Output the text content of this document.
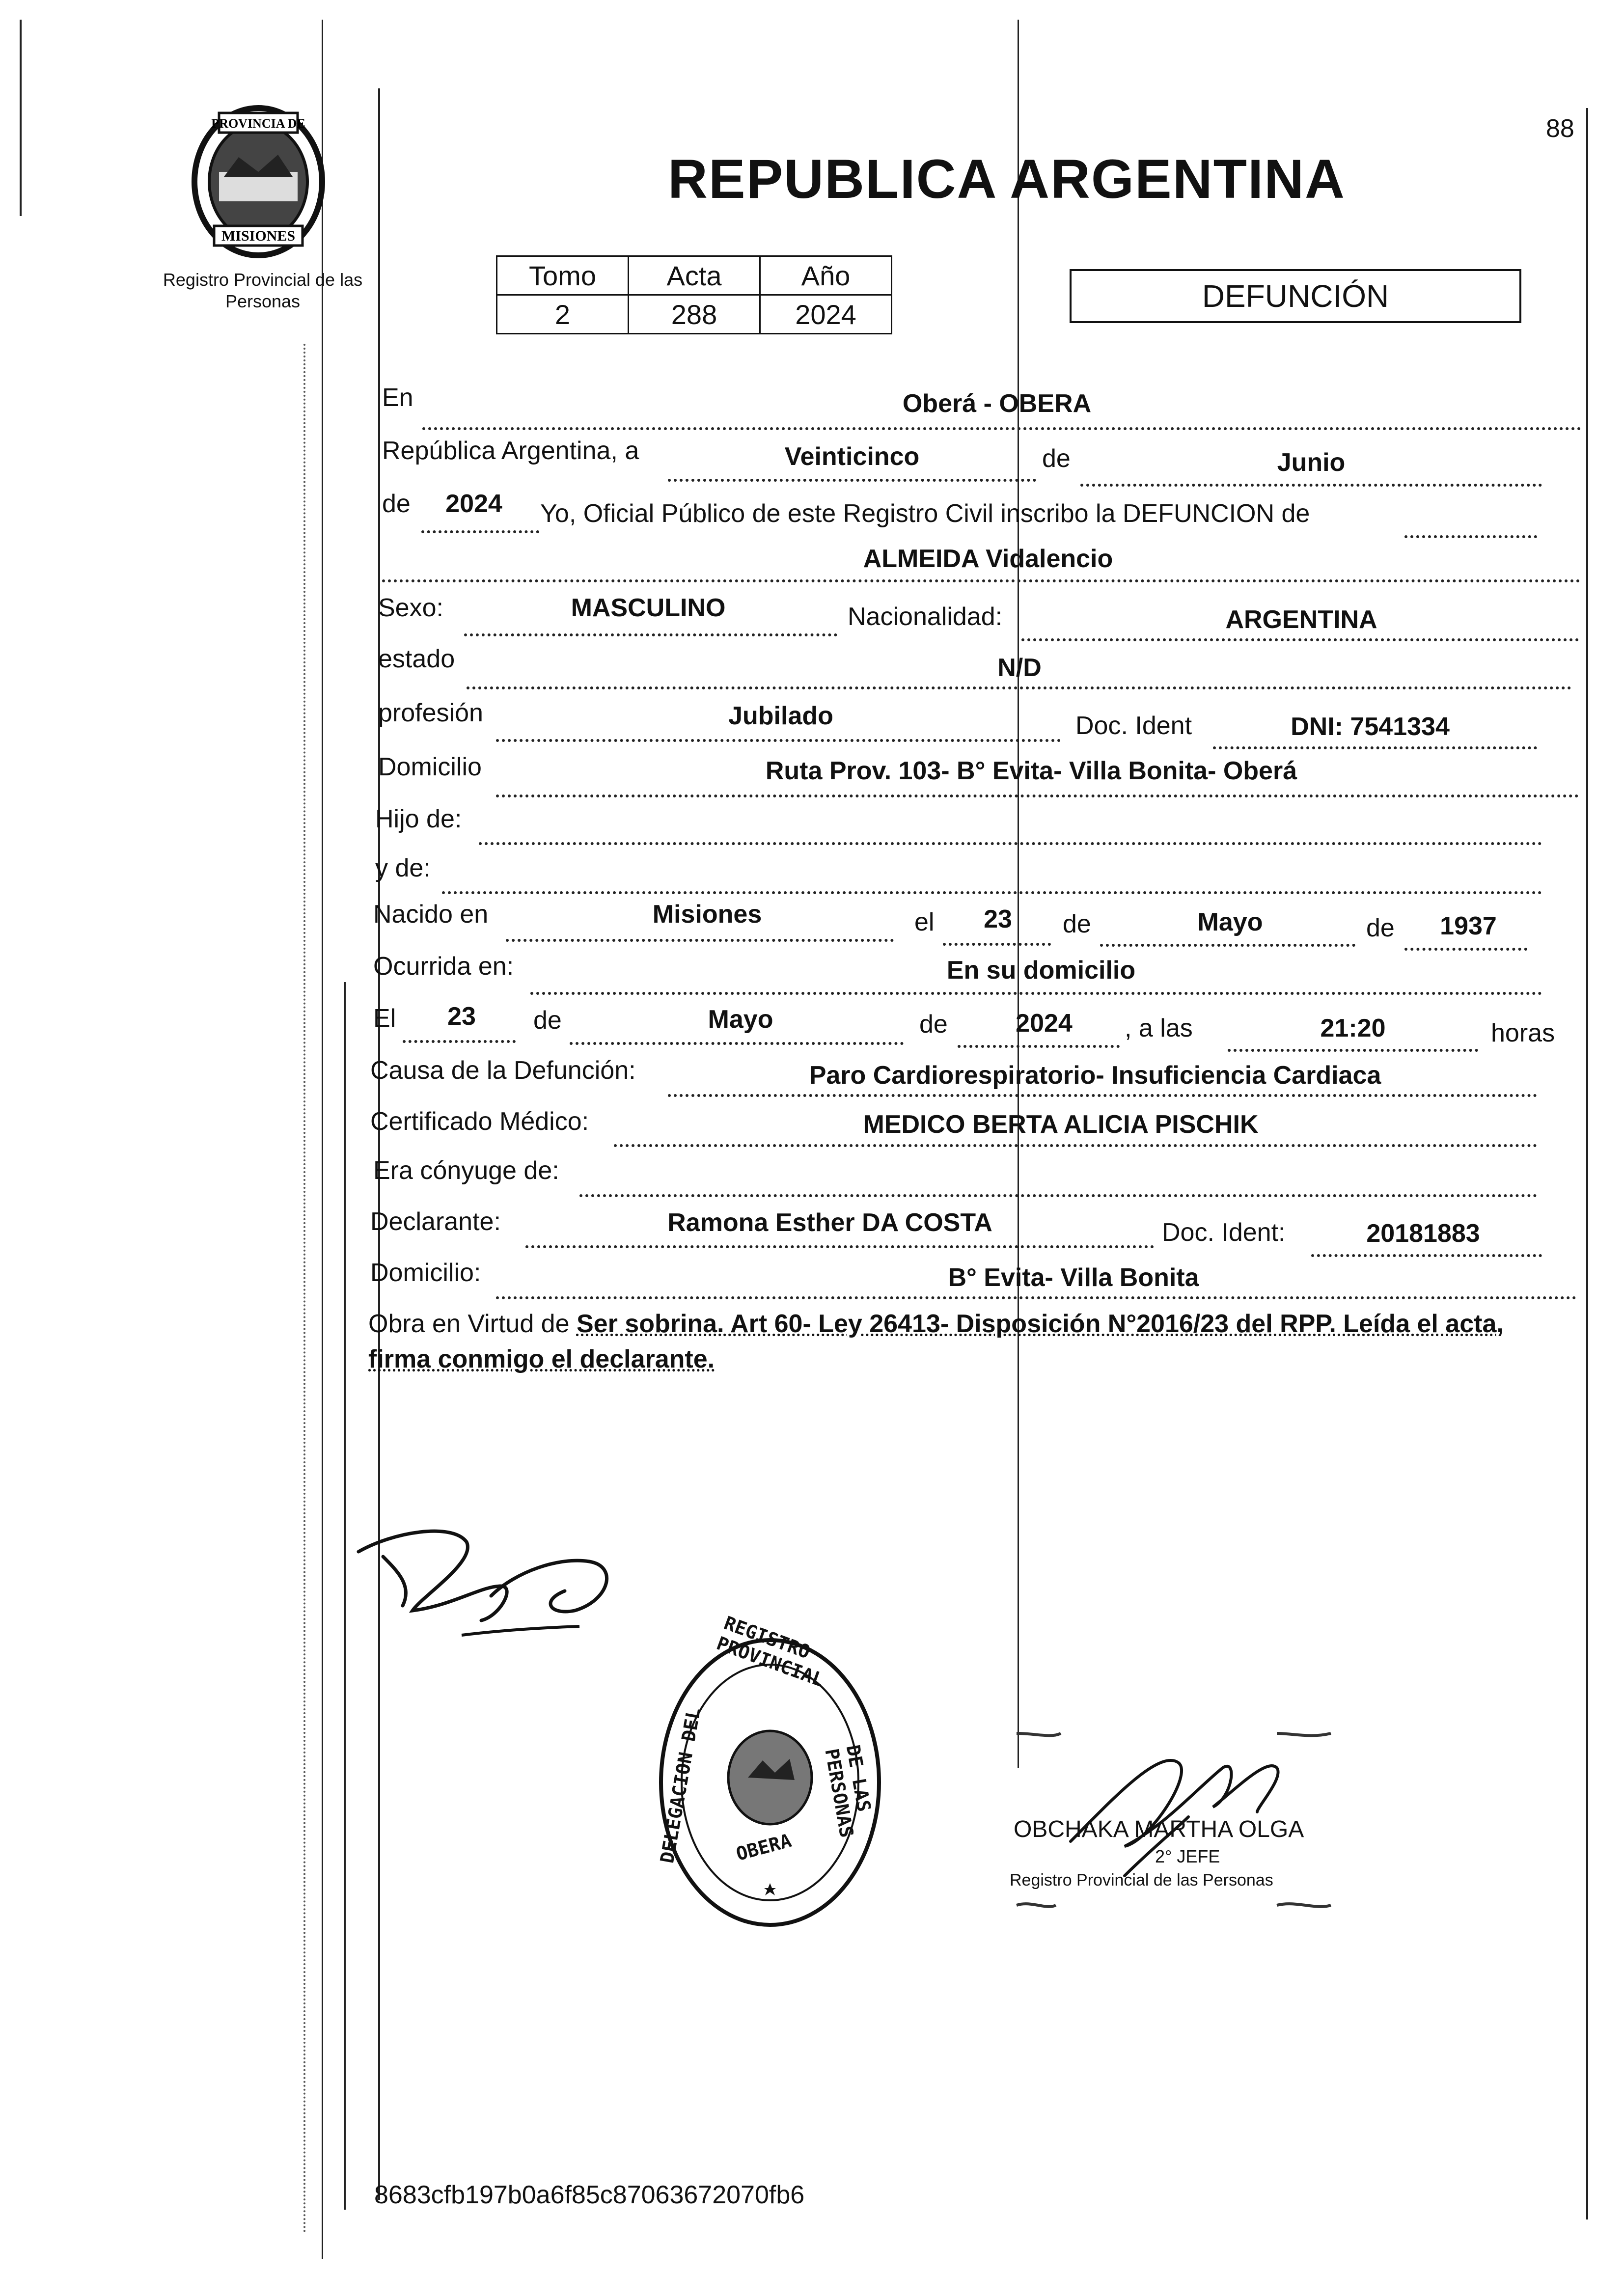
88
PROVINCIA DE
MISIONES
Registro Provincial de las Personas
REPUBLICA ARGENTINA
Tomo	Acta	Año
2	288	2024
DEFUNCIÓN
En	Oberá - OBERA
República Argentina, a	Veinticinco	de	Junio
de 2024 Yo, Oficial Público de este Registro Civil inscribo la DEFUNCION de
ALMEIDA Vidalencio
Sexo:	MASCULINO	Nacionalidad:	ARGENTINA
estado	N/D
profesión	Jubilado	Doc. Ident	DNI: 7541334
Domicilio	Ruta Prov. 103- B° Evita- Villa Bonita- Oberá
Hijo de:
y de:
Nacido en	Misiones	el 23 de	Mayo	de 1937
Ocurrida en:	En su domicilio
El 23 de	Mayo	de	2024 , a las	21:20	horas
Causa de la Defunción:	Paro Cardiorespiratorio- Insuficiencia Cardiaca
Certificado Médico:	MEDICO BERTA ALICIA PISCHIK
Era cónyuge de:
Declarante:	Ramona Esther DA COSTA	Doc. Ident:	20181883
Domicilio:	B° Evita- Villa Bonita
Obra en Virtud de Ser sobrina. Art 60- Ley 26413- Disposición N°2016/23 del RPP. Leída el acta, firma conmigo el declarante.
DELEGACION DEL
REGISTRO PROVINCIAL
DE LAS PERSONAS
OBERA
OBCHAKA MARTHA OLGA
2° JEFE
Registro Provincial de las Personas
8683cfb197b0a6f85c87063672070fb6
